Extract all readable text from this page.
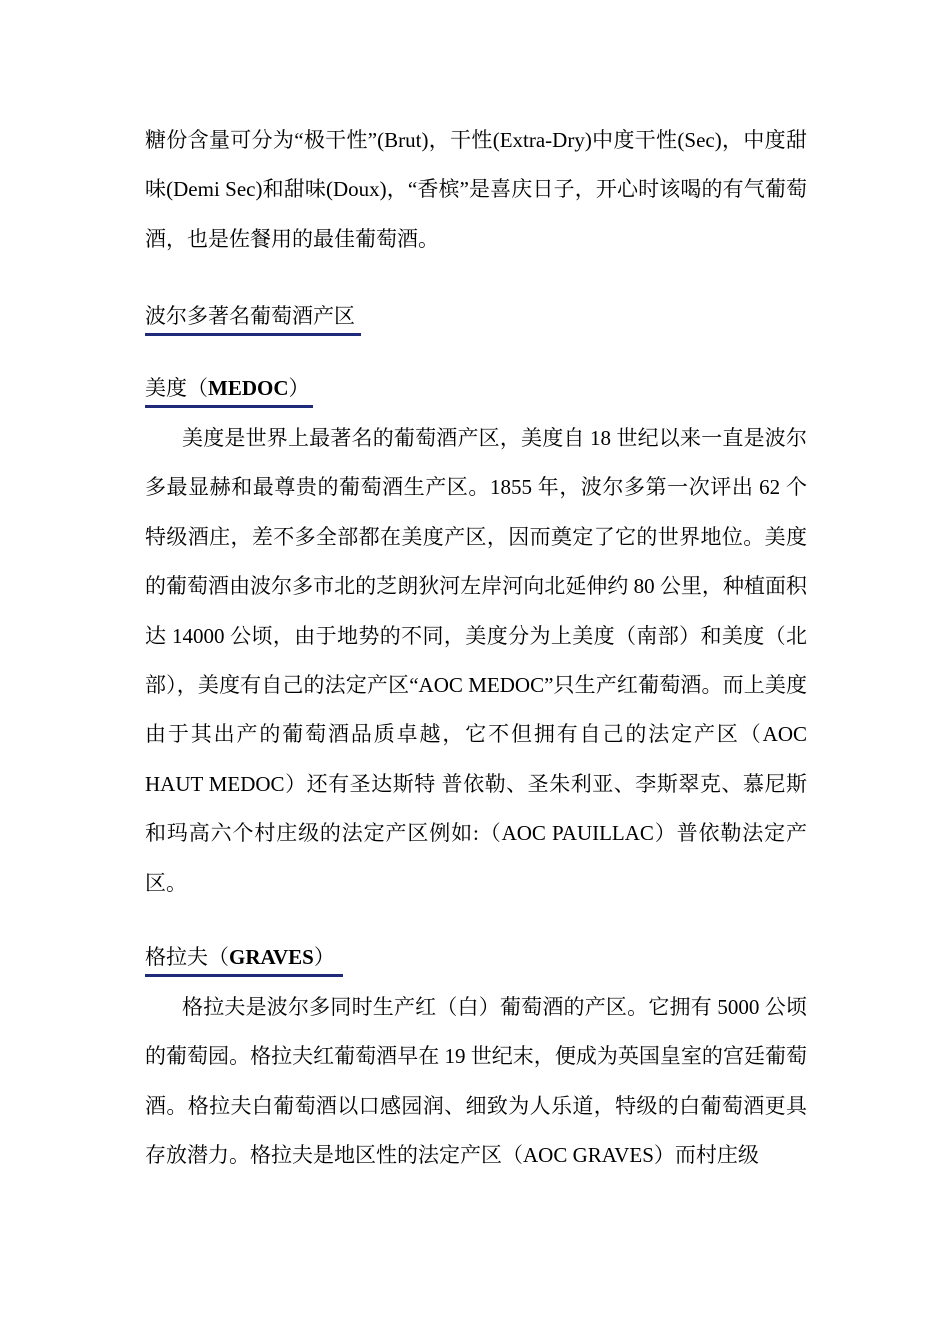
糖份含量可分为“极干性”(Brut)，干性(Extra-Dry)中度干性(Sec)，中度甜味(Demi Sec)和甜味(Doux)，“香槟”是喜庆日子，开心时该喝的有气葡萄酒，也是佐餐用的最佳葡萄酒。

波尔多著名葡萄酒产区
美度（MEDOC）

美度是世界上最著名的葡萄酒产区，美度自 18 世纪以来一直是波尔多最显赫和最尊贵的葡萄酒生产区。1855 年，波尔多第一次评出 62 个特级酒庄，差不多全部都在美度产区，因而奠定了它的世界地位。美度的葡萄酒由波尔多市北的芝朗狄河左岸河向北延伸约 80 公里，种植面积达 14000 公顷，由于地势的不同，美度分为上美度（南部）和美度（北部），美度有自己的法定产区“AOC MEDOC”只生产红葡萄酒。而上美度由于其出产的葡萄酒品质卓越，它不但拥有自己的法定产区（AOC HAUT MEDOC）还有圣达斯特 普依勒、圣朱利亚、李斯翠克、慕尼斯和玛高六个村庄级的法定产区例如:（AOC PAUILLAC）普依勒法定产区。

格拉夫（GRAVES）

格拉夫是波尔多同时生产红（白）葡萄酒的产区。它拥有 5000 公顷的葡萄园。格拉夫红葡萄酒早在 19 世纪末，便成为英国皇室的宫廷葡萄酒。格拉夫白葡萄酒以口感园润、细致为人乐道，特级的白葡萄酒更具存放潜力。格拉夫是地区性的法定产区（AOC GRAVES）而村庄级
